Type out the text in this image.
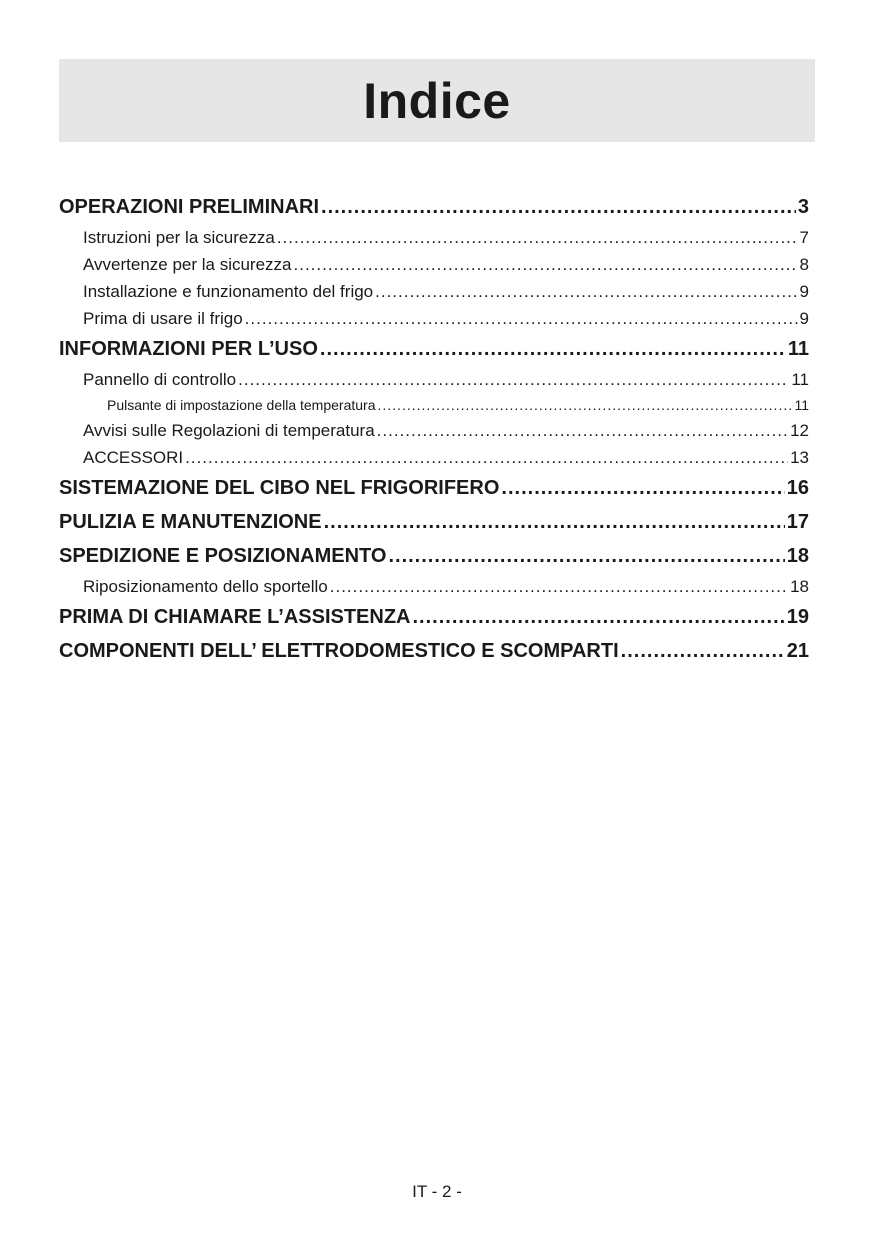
Indice
OPERAZIONI PRELIMINARI .....	3
Istruzioni per la sicurezza .....	7
Avvertenze per la sicurezza .....	8
Installazione e funzionamento del frigo .....	9
Prima di usare il frigo .....	9
INFORMAZIONI PER L’USO .....	11
Pannello di controllo .....	11
Pulsante di impostazione della temperatura .....	11
Avvisi sulle Regolazioni di temperatura .....	12
ACCESSORI .....	13
SISTEMAZIONE DEL CIBO NEL FRIGORIFERO .....	16
PULIZIA E MANUTENZIONE .....	17
SPEDIZIONE E POSIZIONAMENTO .....	18
Riposizionamento dello sportello .....	18
PRIMA DI CHIAMARE L’ASSISTENZA .....	19
COMPONENTI DELL’ ELETTRODOMESTICO E SCOMPARTI .....	21
IT - 2 -
